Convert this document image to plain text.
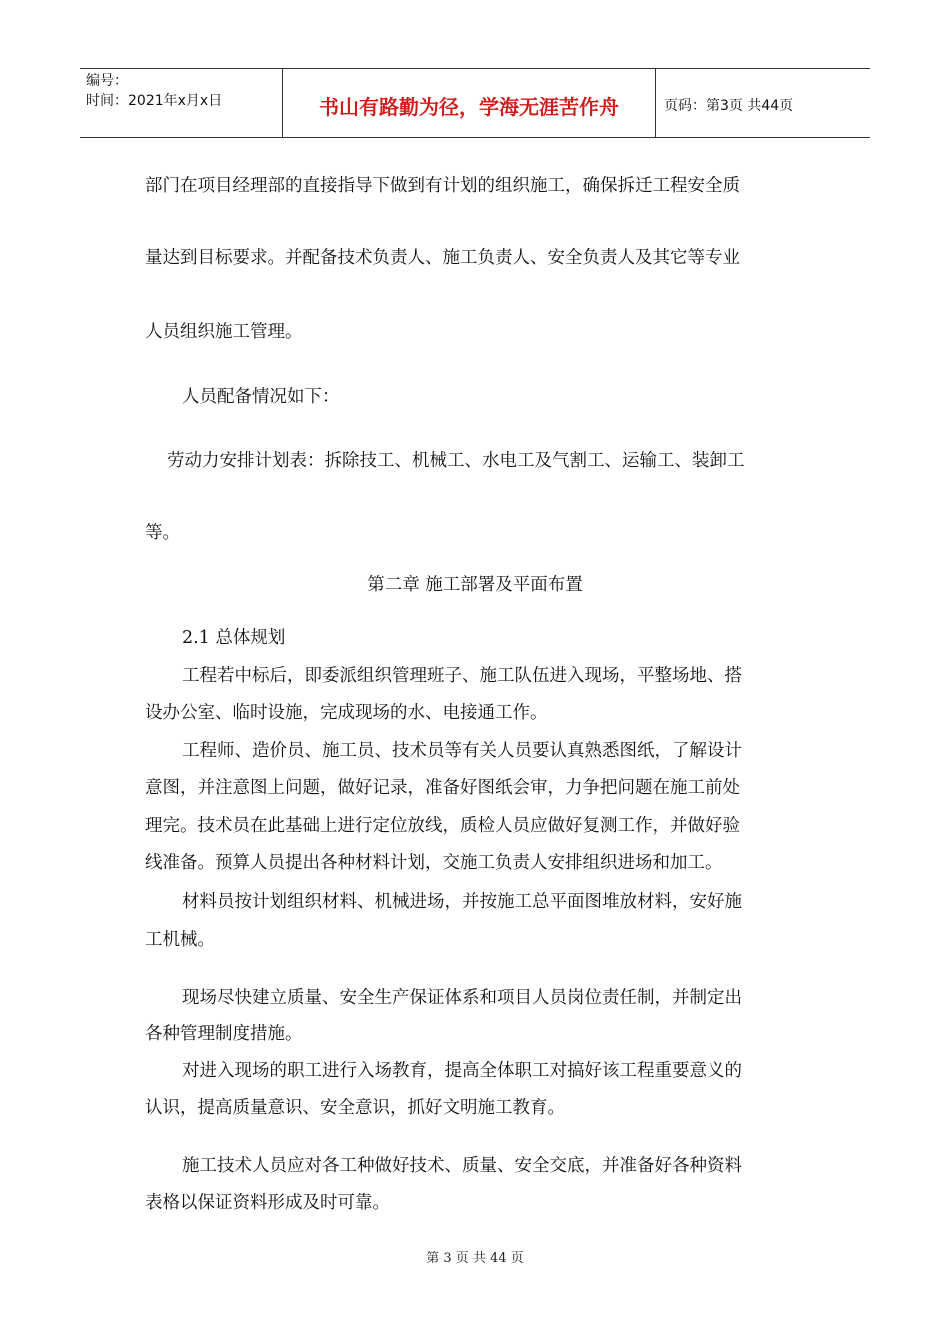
编号：
时间：2021年x月x日	书山有路勤为径，学海无涯苦作舟	页码：第3页 共44页
部门在项目经理部的直接指导下做到有计划的组织施工，确保拆迁工程安全质
量达到目标要求。并配备技术负责人、施工负责人、安全负责人及其它等专业
人员组织施工管理。
人员配备情况如下：
劳动力安排计划表：拆除技工、机械工、水电工及气割工、运输工、装卸工
等。
第二章 施工部署及平面布置
2.1 总体规划
工程若中标后，即委派组织管理班子、施工队伍进入现场，平整场地、搭
设办公室、临时设施，完成现场的水、电接通工作。
工程师、造价员、施工员、技术员等有关人员要认真熟悉图纸，了解设计
意图，并注意图上问题，做好记录，准备好图纸会审，力争把问题在施工前处
理完。技术员在此基础上进行定位放线，质检人员应做好复测工作，并做好验
线准备。预算人员提出各种材料计划，交施工负责人安排组织进场和加工。
材料员按计划组织材料、机械进场，并按施工总平面图堆放材料，安好施
工机械。
现场尽快建立质量、安全生产保证体系和项目人员岗位责任制，并制定出
各种管理制度措施。
对进入现场的职工进行入场教育，提高全体职工对搞好该工程重要意义的
认识，提高质量意识、安全意识，抓好文明施工教育。
施工技术人员应对各工种做好技术、质量、安全交底，并准备好各种资料
表格以保证资料形成及时可靠。
第 3 页 共 44 页
